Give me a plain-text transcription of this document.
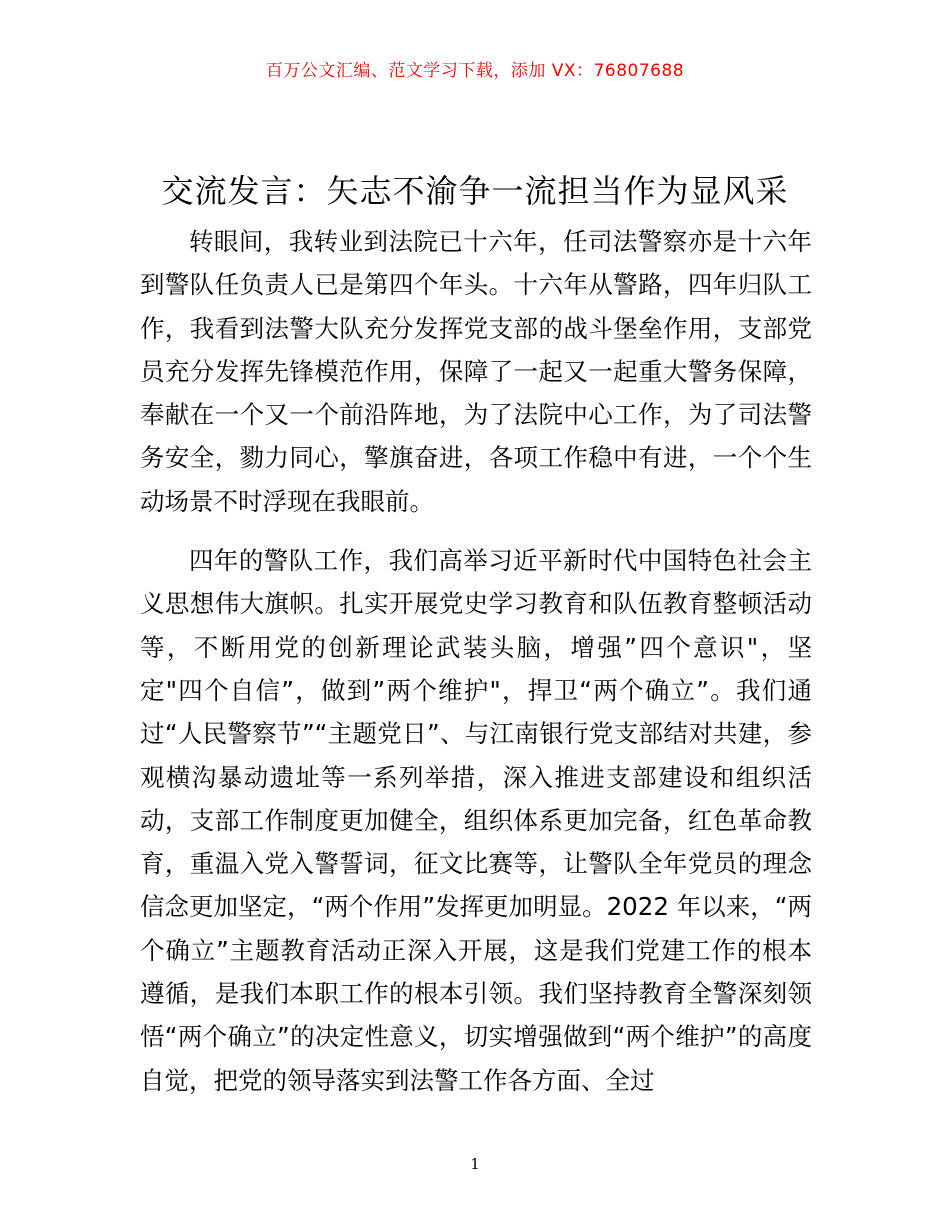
百万公文汇编、范文学习下载，添加 VX：76807688
交流发言：矢志不渝争一流担当作为显风采

转眼间，我转业到法院已十六年，任司法警察亦是十六年到警队任负责人已是第四个年头。十六年从警路，四年归队工作，我看到法警大队充分发挥党支部的战斗堡垒作用，支部党员充分发挥先锋模范作用，保障了一起又一起重大警务保障，奉献在一个又一个前沿阵地，为了法院中心工作，为了司法警务安全，勠力同心，擎旗奋进，各项工作稳中有进，一个个生动场景不时浮现在我眼前。

四年的警队工作，我们高举习近平新时代中国特色社会主义思想伟大旗帜。扎实开展党史学习教育和队伍教育整顿活动等，不断用党的创新理论武装头脑，增强”四个意识"，坚定"四个自信”，做到”两个维护"，捍卫“两个确立”。我们通过“人民警察节”“主题党日”、与江南银行党支部结对共建，参观横沟暴动遗址等一系列举措，深入推进支部建设和组织活动，支部工作制度更加健全，组织体系更加完备，红色革命教育，重温入党入警誓词，征文比赛等，让警队全年党员的理念信念更加坚定，“两个作用”发挥更加明显。2022 年以来，“两个确立”主题教育活动正深入开展，这是我们党建工作的根本遵循，是我们本职工作的根本引领。我们坚持教育全警深刻领悟“两个确立”的决定性意义，切实增强做到“两个维护”的高度自觉，把党的领导落实到法警工作各方面、全过

1
